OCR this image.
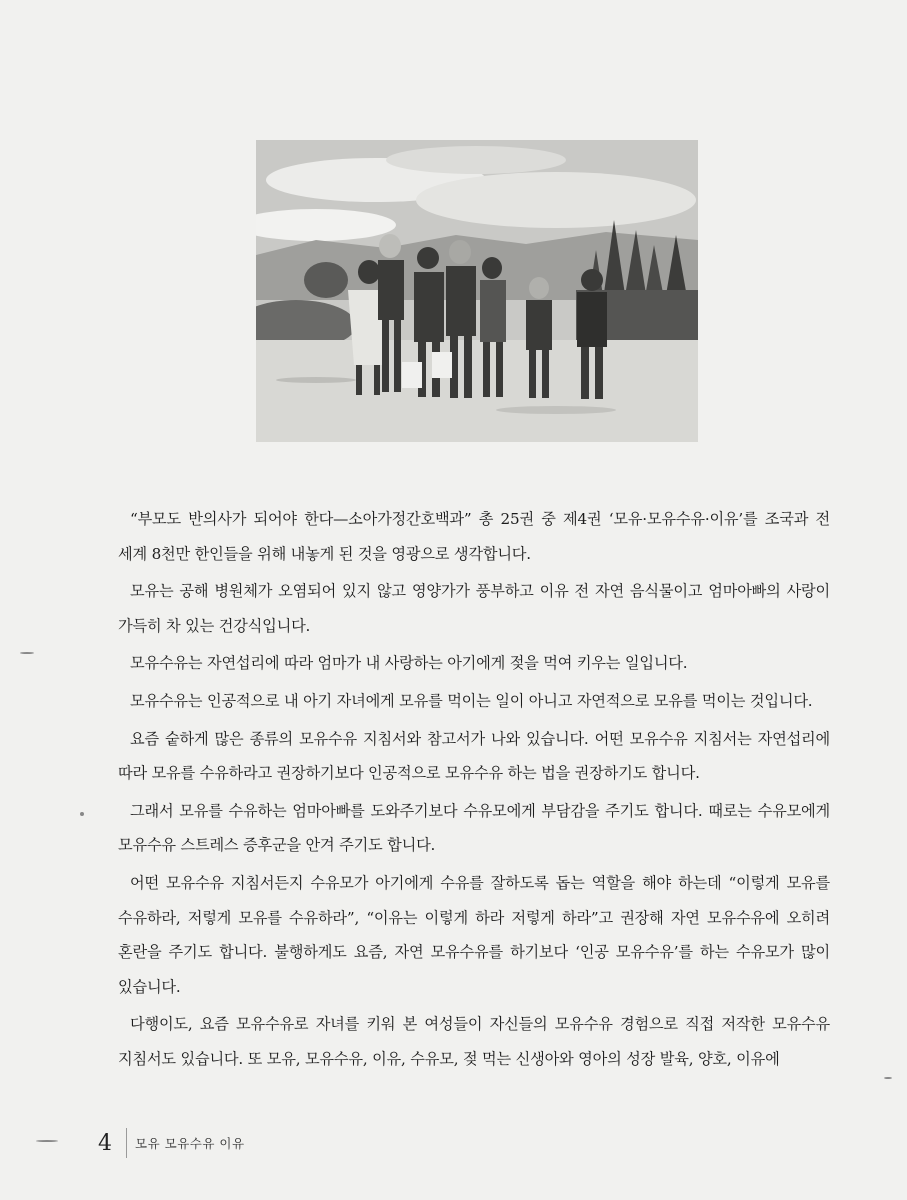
“부모도 반의사가 되어야 한다—소아가정간호백과” 총 25권 중 제4권 ‘모유·모유수유·이유’를 조국과 전 세계 8천만 한인들을 위해 내놓게 된 것을 영광으로 생각합니다.

모유는 공해 병원체가 오염되어 있지 않고 영양가가 풍부하고 이유 전 자연 음식물이고 엄마아빠의 사랑이 가득히 차 있는 건강식입니다.

모유수유는 자연섭리에 따라 엄마가 내 사랑하는 아기에게 젖을 먹여 키우는 일입니다.

모유수유는 인공적으로 내 아기 자녀에게 모유를 먹이는 일이 아니고 자연적으로 모유를 먹이는 것입니다.

요즘 숱하게 많은 종류의 모유수유 지침서와 참고서가 나와 있습니다. 어떤 모유수유 지침서는 자연섭리에 따라 모유를 수유하라고 권장하기보다 인공적으로 모유수유 하는 법을 권장하기도 합니다.

그래서 모유를 수유하는 엄마아빠를 도와주기보다 수유모에게 부담감을 주기도 합니다. 때로는 수유모에게 모유수유 스트레스 증후군을 안겨 주기도 합니다.

어떤 모유수유 지침서든지 수유모가 아기에게 수유를 잘하도록 돕는 역할을 해야 하는데 “이렇게 모유를 수유하라, 저렇게 모유를 수유하라”, “이유는 이렇게 하라 저렇게 하라”고 권장해 자연 모유수유에 오히려 혼란을 주기도 합니다. 불행하게도 요즘, 자연 모유수유를 하기보다 ‘인공 모유수유’를 하는 수유모가 많이 있습니다.

다행이도, 요즘 모유수유로 자녀를 키워 본 여성들이 자신들의 모유수유 경험으로 직접 저작한 모유수유 지침서도 있습니다. 또 모유, 모유수유, 이유, 수유모, 젖 먹는 신생아와 영아의 성장 발육, 양호, 이유에

4 모유 모유수유 이유
